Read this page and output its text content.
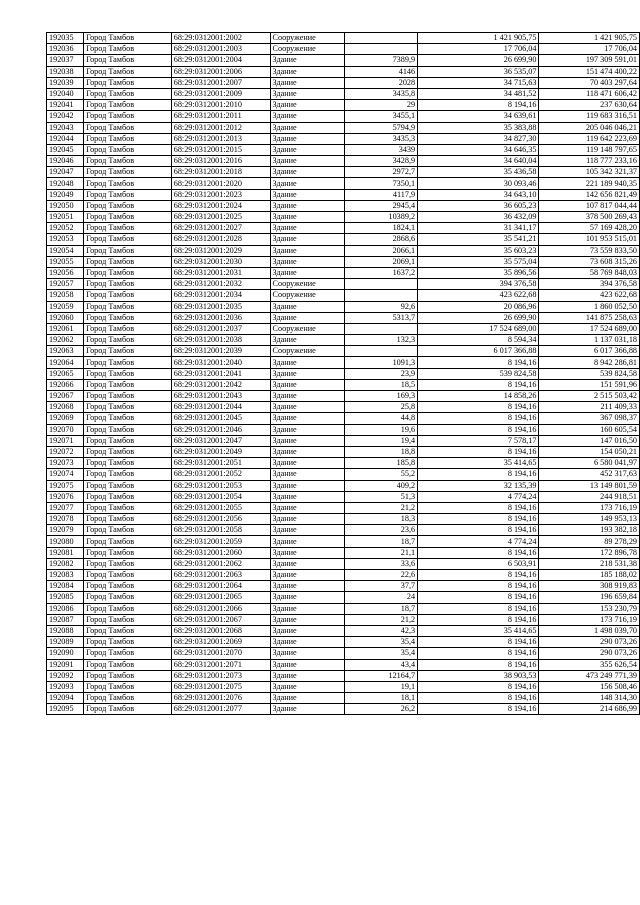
192035	Город Тамбов	68:29:0312001:2002	Сооружение		1 421 905,75	1 421 905,75
192036	Город Тамбов	68:29:0312001:2003	Сооружение		17 706,04	17 706,04
192037	Город Тамбов	68:29:0312001:2004	Здание	7389,9	26 699,90	197 309 591,01
192038	Город Тамбов	68:29:0312001:2006	Здание	4146	36 535,07	151 474 400,22
192039	Город Тамбов	68:29:0312001:2007	Здание	2028	34 715,63	70 403 297,64
192040	Город Тамбов	68:29:0312001:2009	Здание	3435,8	34 481,52	118 471 606,42
192041	Город Тамбов	68:29:0312001:2010	Здание	29	8 194,16	237 630,64
192042	Город Тамбов	68:29:0312001:2011	Здание	3455,1	34 639,61	119 683 316,51
192043	Город Тамбов	68:29:0312001:2012	Здание	5794,9	35 383,88	205 046 046,21
192044	Город Тамбов	68:29:0312001:2013	Здание	3435,3	34 827,30	119 642 223,69
192045	Город Тамбов	68:29:0312001:2015	Здание	3439	34 646,35	119 148 797,65
192046	Город Тамбов	68:29:0312001:2016	Здание	3428,9	34 640,04	118 777 233,16
192047	Город Тамбов	68:29:0312001:2018	Здание	2972,7	35 436,58	105 342 321,37
192048	Город Тамбов	68:29:0312001:2020	Здание	7350,1	30 093,46	221 189 940,35
192049	Город Тамбов	68:29:0312001:2023	Здание	4117,9	34 643,10	142 656 821,49
192050	Город Тамбов	68:29:0312001:2024	Здание	2945,4	36 605,23	107 817 044,44
192051	Город Тамбов	68:29:0312001:2025	Здание	10389,2	36 432,09	378 500 269,43
192052	Город Тамбов	68:29:0312001:2027	Здание	1824,1	31 341,17	57 169 428,20
192053	Город Тамбов	68:29:0312001:2028	Здание	2868,6	35 541,21	101 953 515,01
192054	Город Тамбов	68:29:0312001:2029	Здание	2066,1	35 603,23	73 559 833,50
192055	Город Тамбов	68:29:0312001:2030	Здание	2069,1	35 575,04	73 608 315,26
192056	Город Тамбов	68:29:0312001:2031	Здание	1637,2	35 896,56	58 769 848,03
192057	Город Тамбов	68:29:0312001:2032	Сооружение		394 376,58	394 376,58
192058	Город Тамбов	68:29:0312001:2034	Сооружение		423 622,68	423 622,68
192059	Город Тамбов	68:29:0312001:2035	Здание	92,6	20 086,96	1 860 052,50
192060	Город Тамбов	68:29:0312001:2036	Здание	5313,7	26 699,90	141 875 258,63
192061	Город Тамбов	68:29:0312001:2037	Сооружение		17 524 689,00	17 524 689,00
192062	Город Тамбов	68:29:0312001:2038	Здание	132,3	8 594,34	1 137 031,18
192063	Город Тамбов	68:29:0312001:2039	Сооружение		6 017 366,88	6 017 366,88
192064	Город Тамбов	68:29:0312001:2040	Здание	1091,3	8 194,16	8 942 286,81
192065	Город Тамбов	68:29:0312001:2041	Здание	23,9	539 824,58	539 824,58
192066	Город Тамбов	68:29:0312001:2042	Здание	18,5	8 194,16	151 591,96
192067	Город Тамбов	68:29:0312001:2043	Здание	169,3	14 858,26	2 515 503,42
192068	Город Тамбов	68:29:0312001:2044	Здание	25,8	8 194,16	211 409,33
192069	Город Тамбов	68:29:0312001:2045	Здание	44,8	8 194,16	367 098,37
192070	Город Тамбов	68:29:0312001:2046	Здание	19,6	8 194,16	160 605,54
192071	Город Тамбов	68:29:0312001:2047	Здание	19,4	7 578,17	147 016,50
192072	Город Тамбов	68:29:0312001:2049	Здание	18,8	8 194,16	154 050,21
192073	Город Тамбов	68:29:0312001:2051	Здание	185,8	35 414,65	6 580 041,97
192074	Город Тамбов	68:29:0312001:2052	Здание	55,2	8 194,16	452 317,63
192075	Город Тамбов	68:29:0312001:2053	Здание	409,2	32 135,39	13 149 801,59
192076	Город Тамбов	68:29:0312001:2054	Здание	51,3	4 774,24	244 918,51
192077	Город Тамбов	68:29:0312001:2055	Здание	21,2	8 194,16	173 716,19
192078	Город Тамбов	68:29:0312001:2056	Здание	18,3	8 194,16	149 953,13
192079	Город Тамбов	68:29:0312001:2058	Здание	23,6	8 194,16	193 382,18
192080	Город Тамбов	68:29:0312001:2059	Здание	18,7	4 774,24	89 278,29
192081	Город Тамбов	68:29:0312001:2060	Здание	21,1	8 194,16	172 896,78
192082	Город Тамбов	68:29:0312001:2062	Здание	33,6	6 503,91	218 531,38
192083	Город Тамбов	68:29:0312001:2063	Здание	22,6	8 194,16	185 188,02
192084	Город Тамбов	68:29:0312001:2064	Здание	37,7	8 194,16	308 919,83
192085	Город Тамбов	68:29:0312001:2065	Здание	24	8 194,16	196 659,84
192086	Город Тамбов	68:29:0312001:2066	Здание	18,7	8 194,16	153 230,79
192087	Город Тамбов	68:29:0312001:2067	Здание	21,2	8 194,16	173 716,19
192088	Город Тамбов	68:29:0312001:2068	Здание	42,3	35 414,65	1 498 039,70
192089	Город Тамбов	68:29:0312001:2069	Здание	35,4	8 194,16	290 073,26
192090	Город Тамбов	68:29:0312001:2070	Здание	35,4	8 194,16	290 073,26
192091	Город Тамбов	68:29:0312001:2071	Здание	43,4	8 194,16	355 626,54
192092	Город Тамбов	68:29:0312001:2073	Здание	12164,7	38 903,53	473 249 771,39
192093	Город Тамбов	68:29:0312001:2075	Здание	19,1	8 194,16	156 508,46
192094	Город Тамбов	68:29:0312001:2076	Здание	18,1	8 194,16	148 314,30
192095	Город Тамбов	68:29:0312001:2077	Здание	26,2	8 194,16	214 686,99
